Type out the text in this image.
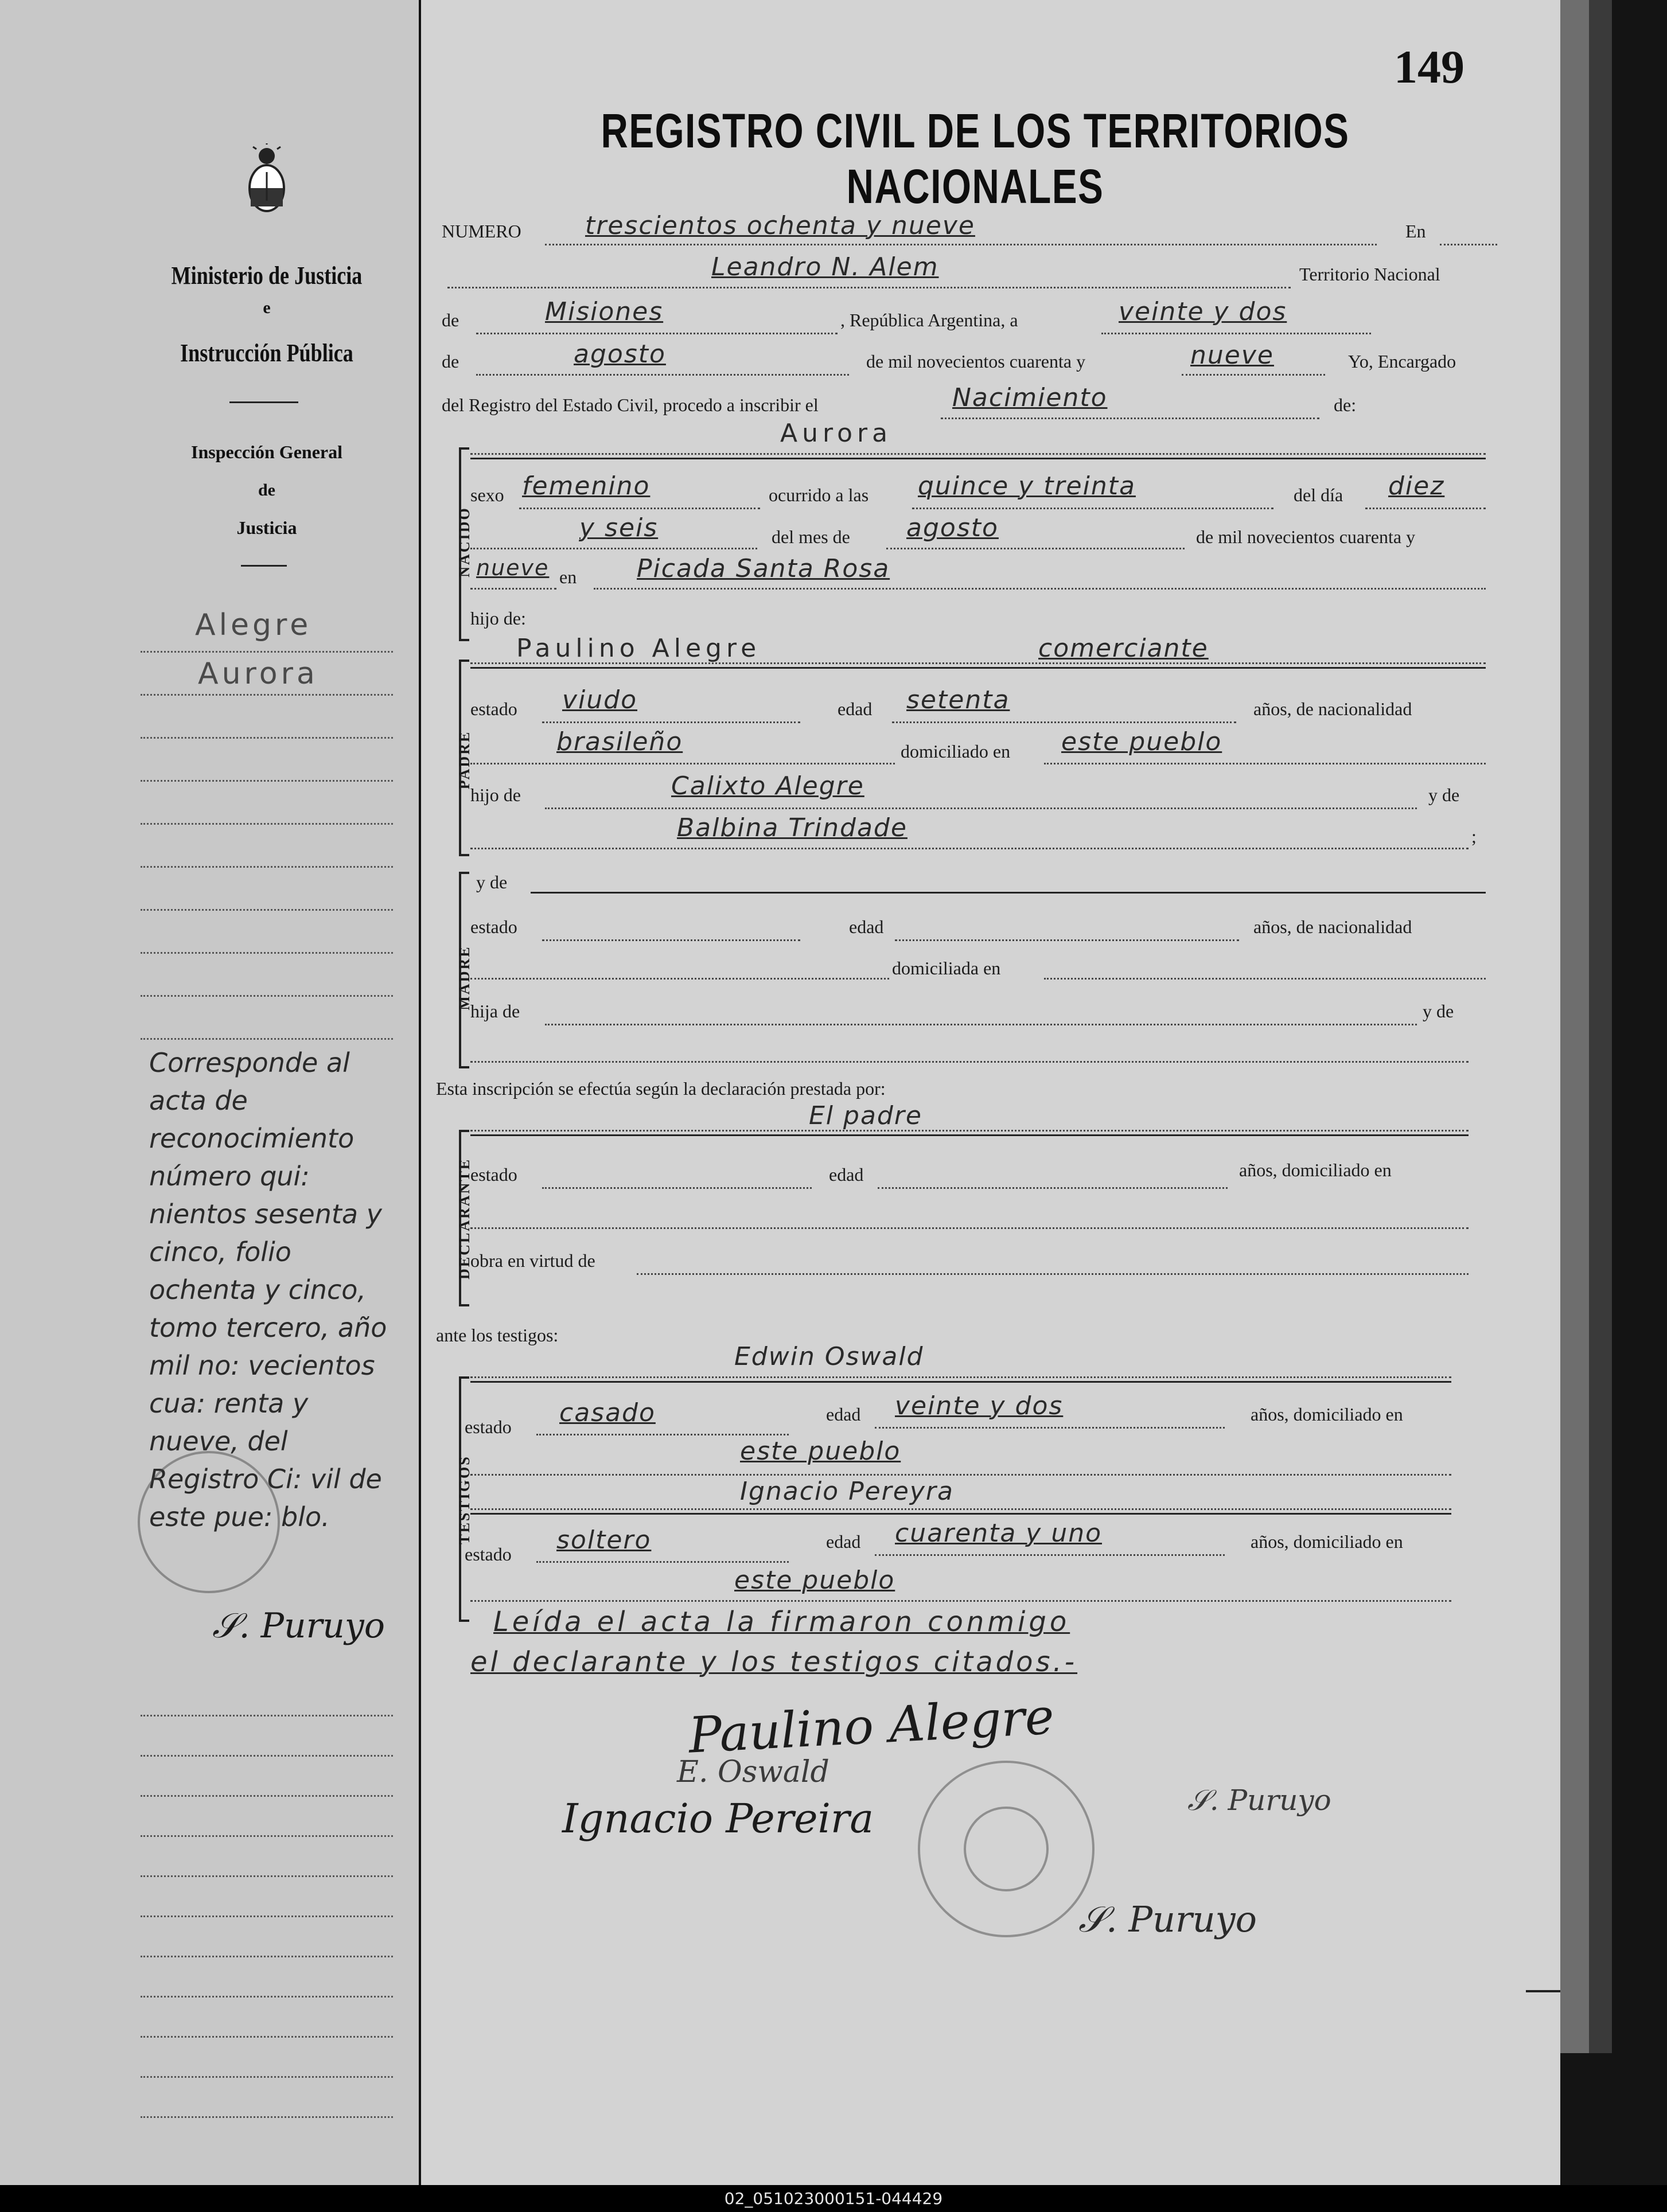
Ministerio de Justicia
e
Instrucción Pública
Inspección General
de
Justicia
Alegre
Aurora
Corresponde al acta de reconocimiento número qui: nientos sesenta y cinco, folio ochenta y cinco, tomo tercero, año mil no: vecientos cua: renta y nueve, del Registro Ci: vil de este pue: blo.
𝒮. Puruyo
149
REGISTRO CIVIL DE LOS TERRITORIOS NACIONALES
NUMERO	trescientos ochenta y nueve	En
Leandro N. Alem	Territorio Nacional
de	Misiones	, República Argentina, a	veinte y dos
de	agosto	de mil novecientos cuarenta y	nueve	Yo, Encargado
del Registro del Estado Civil, procedo a inscribir el	Nacimiento	de:
Aurora
NACIDO
sexo femenino	ocurrido a las quince y treinta	del día diez
y seis	del mes de agosto	de mil novecientos cuarenta y
nueve en Picada Santa Rosa
hijo de:
Paulino Alegre	comerciante
PADRE
estado viudo	edad setenta	años, de nacionalidad
brasileño	domiciliado en este pueblo
hijo de	Calixto Alegre	y de
Balbina Trindade	;
MADRE
y de
estado	edad	años, de nacionalidad
domiciliada en
hija de	y de
Esta inscripción se efectúa según la declaración prestada por:
El padre
DECLARANTE
estado	edad	años, domiciliado en
obra en virtud de
ante los testigos:
Edwin Oswald
TESTIGOS
estado casado	edad veinte y dos	años, domiciliado en
este pueblo
Ignacio Pereyra
estado soltero	edad cuarenta y uno	años, domiciliado en
este pueblo
Leída el acta la firmaron conmigo
el declarante y los testigos citados.-
Paulino Alegre
E. Oswald
Ignacio Pereira
𝒮. Puruyo
𝒮. Puruyo
02_051023000151-044429
